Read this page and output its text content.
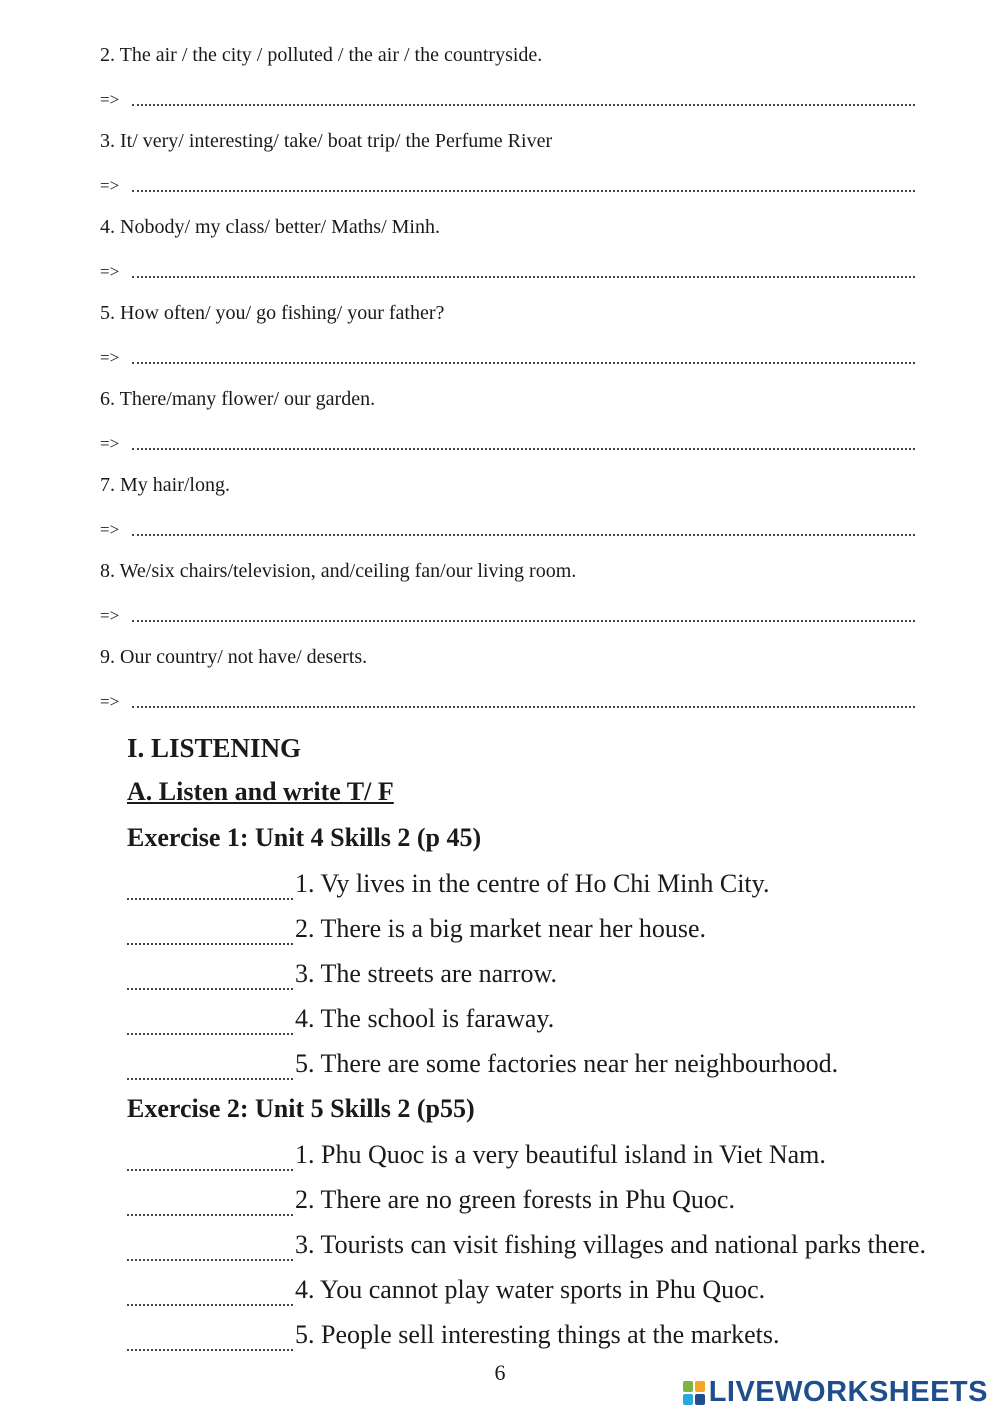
2. The air / the city / polluted / the air / the countryside.
=>
3. It/ very/ interesting/ take/ boat trip/ the Perfume River
=>
4. Nobody/ my class/ better/ Maths/ Minh.
=>
5. How often/ you/ go fishing/ your father?
=>
6. There/many flower/ our garden.
=>
7. My hair/long.
=>
8. We/six chairs/television, and/ceiling fan/our living room.
=>
9. Our country/ not have/ deserts.
=>
I. LISTENING
A. Listen and write T/ F
Exercise 1: Unit 4 Skills 2 (p 45)
1. Vy lives in the centre of Ho Chi Minh City.
2. There is a big market near her house.
3. The streets are narrow.
4. The school is faraway.
5. There are some factories near her neighbourhood.
Exercise 2: Unit 5 Skills 2 (p55)
1. Phu Quoc is a very beautiful island in Viet Nam.
2. There are no green forests in Phu Quoc.
3. Tourists can visit fishing villages and national parks there.
4. You cannot play water sports in Phu Quoc.
5. People sell interesting things at the markets.
6
LIVEWORKSHEETS
